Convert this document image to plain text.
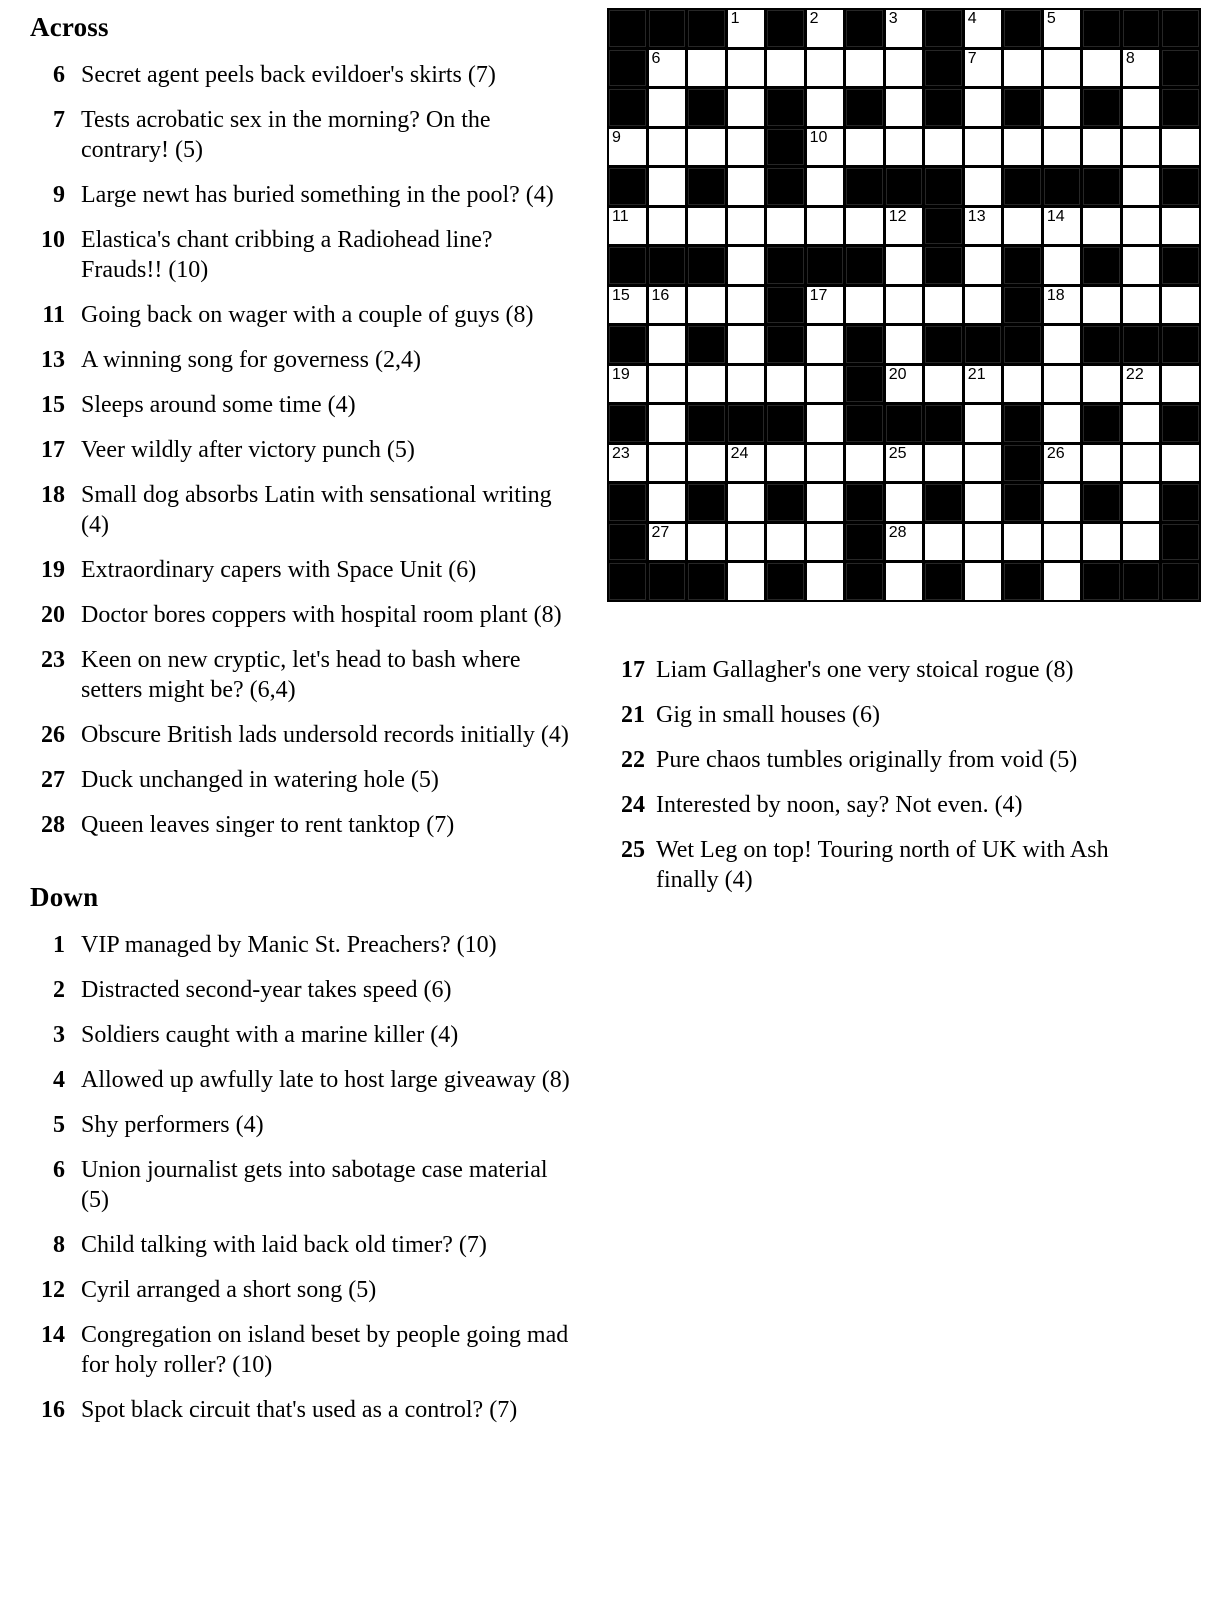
Across
6 Secret agent peels back evildoer's skirts (7)
7 Tests acrobatic sex in the morning? On the contrary! (5)
9 Large newt has buried something in the pool? (4)
10 Elastica's chant cribbing a Radiohead line? Frauds!! (10)
11 Going back on wager with a couple of guys (8)
13 A winning song for governess (2,4)
15 Sleeps around some time (4)
17 Veer wildly after victory punch (5)
18 Small dog absorbs Latin with sensational writing (4)
19 Extraordinary capers with Space Unit (6)
20 Doctor bores coppers with hospital room plant (8)
23 Keen on new cryptic, let's head to bash where setters might be? (6,4)
26 Obscure British lads undersold records initially (4)
27 Duck unchanged in watering hole (5)
28 Queen leaves singer to rent tanktop (7)
Down
1 VIP managed by Manic St. Preachers? (10)
2 Distracted second-year takes speed (6)
3 Soldiers caught with a marine killer (4)
4 Allowed up awfully late to host large giveaway (8)
5 Shy performers (4)
6 Union journalist gets into sabotage case material (5)
8 Child talking with laid back old timer? (7)
12 Cyril arranged a short song (5)
14 Congregation on island beset by people going mad for holy roller? (10)
16 Spot black circuit that's used as a control? (7)
1	2	3	4	5
6	7	8
9	10
11	12	13	14
15 16	17	18
19	20	21	22
23	24	25	26
27	28
17 Liam Gallagher's one very stoical rogue (8)
21 Gig in small houses (6)
22 Pure chaos tumbles originally from void (5)
24 Interested by noon, say? Not even. (4)
25 Wet Leg on top! Touring north of UK with Ash finally (4)
